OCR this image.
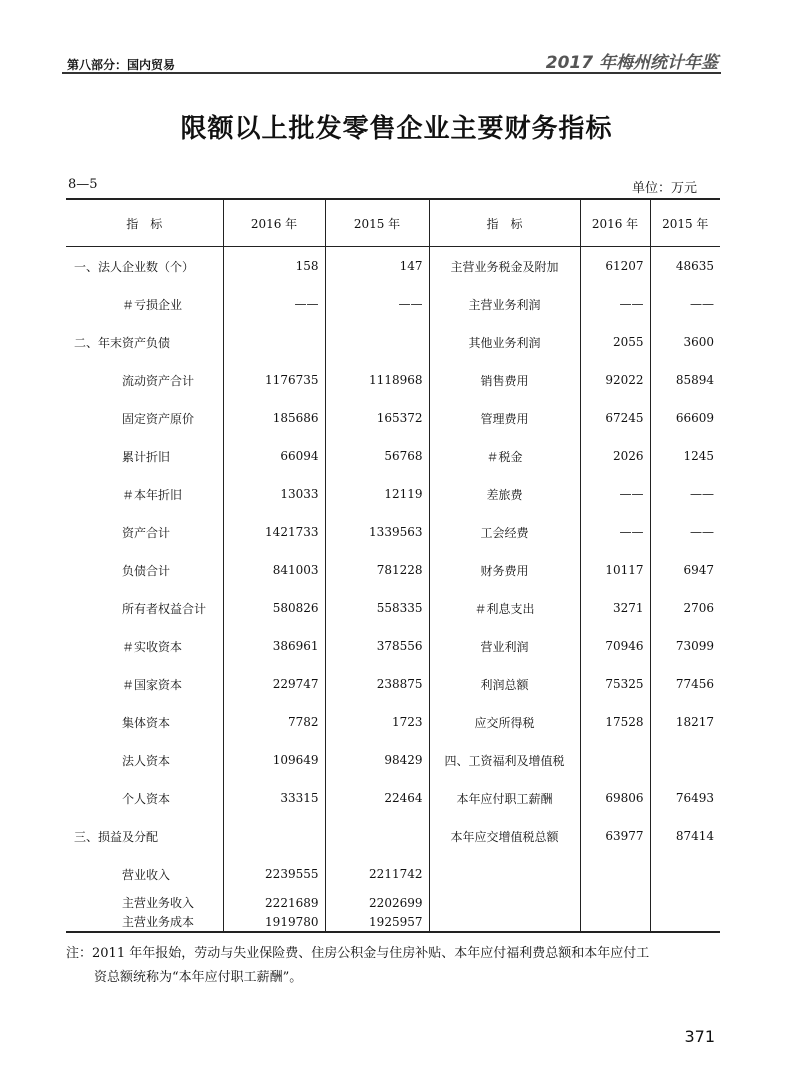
第八部分：国内贸易	2017 年梅州统计年鉴
限额以上批发零售企业主要财务指标
8—5	单位：万元
指　标	2016 年	2015 年	指　标	2016 年	2015 年
一、法人企业数（个）	158	147	主营业务税金及附加	61207	48635
＃亏损企业	——	——	主营业务利润	——	——
二、年末资产负债			其他业务利润	2055	3600
流动资产合计	1176735	1118968	销售费用	92022	85894
固定资产原价	185686	165372	管理费用	67245	66609
累计折旧	66094	56768	＃税金	2026	1245
＃本年折旧	13033	12119	差旅费	——	——
资产合计	1421733	1339563	工会经费	——	——
负债合计	841003	781228	财务费用	10117	6947
所有者权益合计	580826	558335	＃利息支出	3271	2706
＃实收资本	386961	378556	营业利润	70946	73099
＃国家资本	229747	238875	利润总额	75325	77456
集体资本	7782	1723	应交所得税	17528	18217
法人资本	109649	98429	四、工资福利及增值税		
个人资本	33315	22464	本年应付职工薪酬	69806	76493
三、损益及分配			本年应交增值税总额	63977	87414
营业收入	2239555	2211742			
主营业务收入	2221689	2202699			
主营业务成本	1919780	1925957			
注：2011 年年报始，劳动与失业保险费、住房公积金与住房补贴、本年应付福利费总额和本年应付工
资总额统称为“本年应付职工薪酬”。
371
